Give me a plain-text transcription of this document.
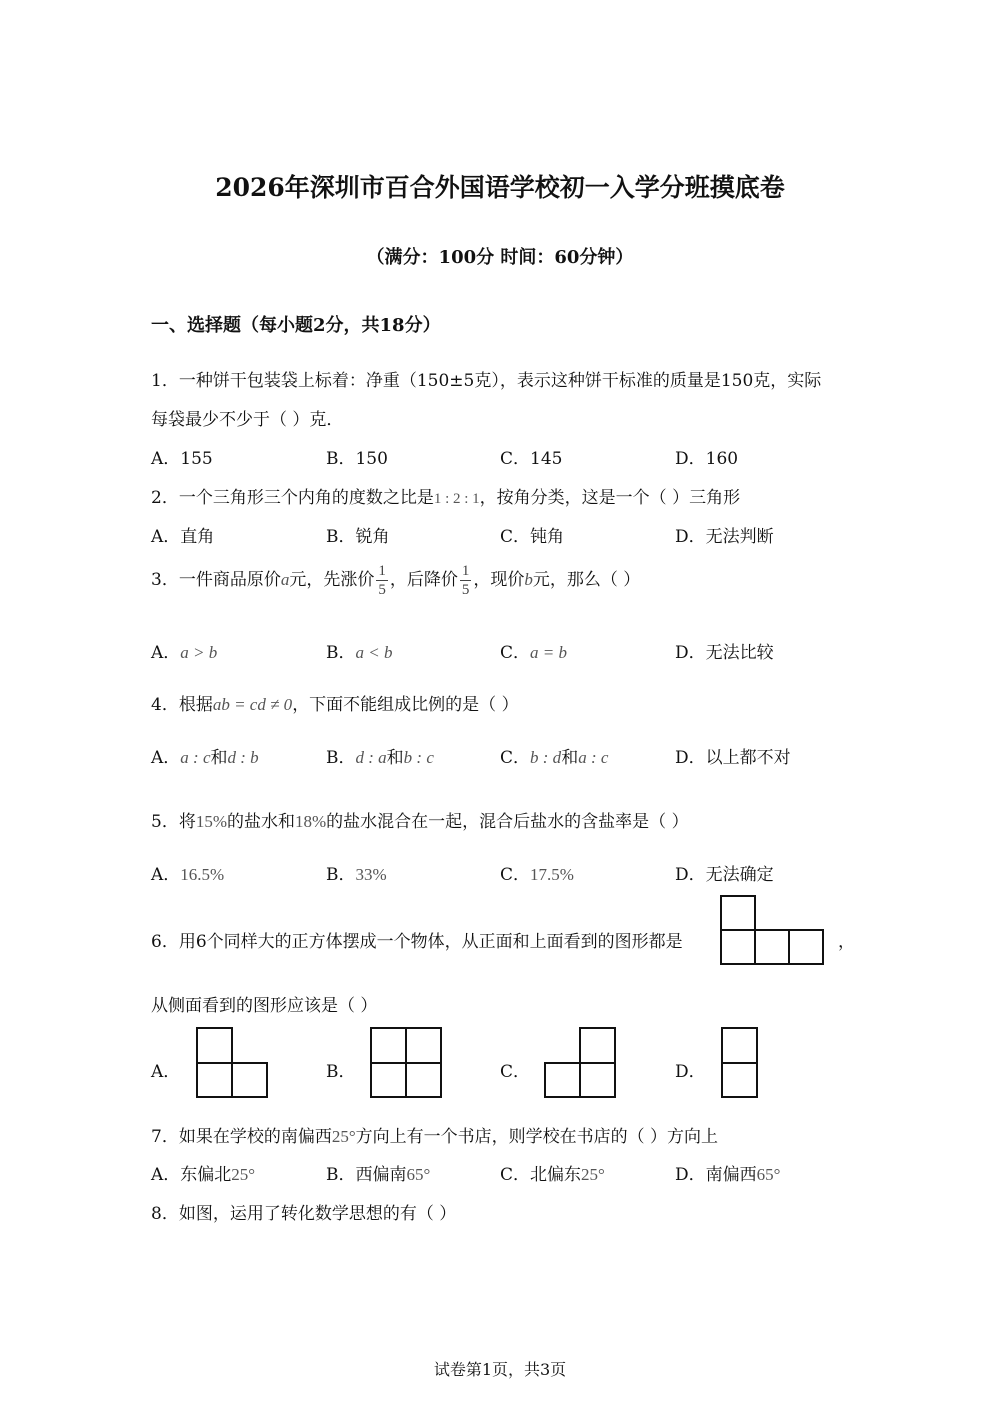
2026年深圳市百合外国语学校初一入学分班摸底卷
（满分：100分 时间：60分钟）
一、选择题（每小题2分，共18分）
1．一种饼干包装袋上标着：净重（150±5克），表示这种饼干标准的质量是150克，实际
每袋最少不少于（ ）克．
A．155	B．150	C．145	D．160
2．一个三角形三个内角的度数之比是1 : 2 : 1，按角分类，这是一个（ ）三角形
A．直角	B．锐角	C．钝角	D．无法判断
3．一件商品原价a元，先涨价 $\frac{1}{5}$ ，后降价 $\frac{1}{5}$ ，现价b元，那么（ ）
A．a > b	B．a < b	C．a = b	D．无法比较
4．根据ab = cd ≠ 0，下面不能组成比例的是（ ）
A．a : c和d : b	B．d : a和b : c	C．b : d和a : c	D．以上都不对
5．将15%的盐水和18%的盐水混合在一起，混合后盐水的含盐率是（ ）
A．16.5%	B．33%	C．17.5%	D．无法确定
6．用6个同样大的正方体摆成一个物体，从正面和上面看到的图形都是	，
从侧面看到的图形应该是（ ）
A．	B．	C．	D．
7．如果在学校的南偏西25°方向上有一个书店，则学校在书店的（ ）方向上
A．东偏北25°	B．西偏南65°	C．北偏东25°	D．南偏西65°
8．如图，运用了转化数学思想的有（ ）
试卷第1页，共3页
